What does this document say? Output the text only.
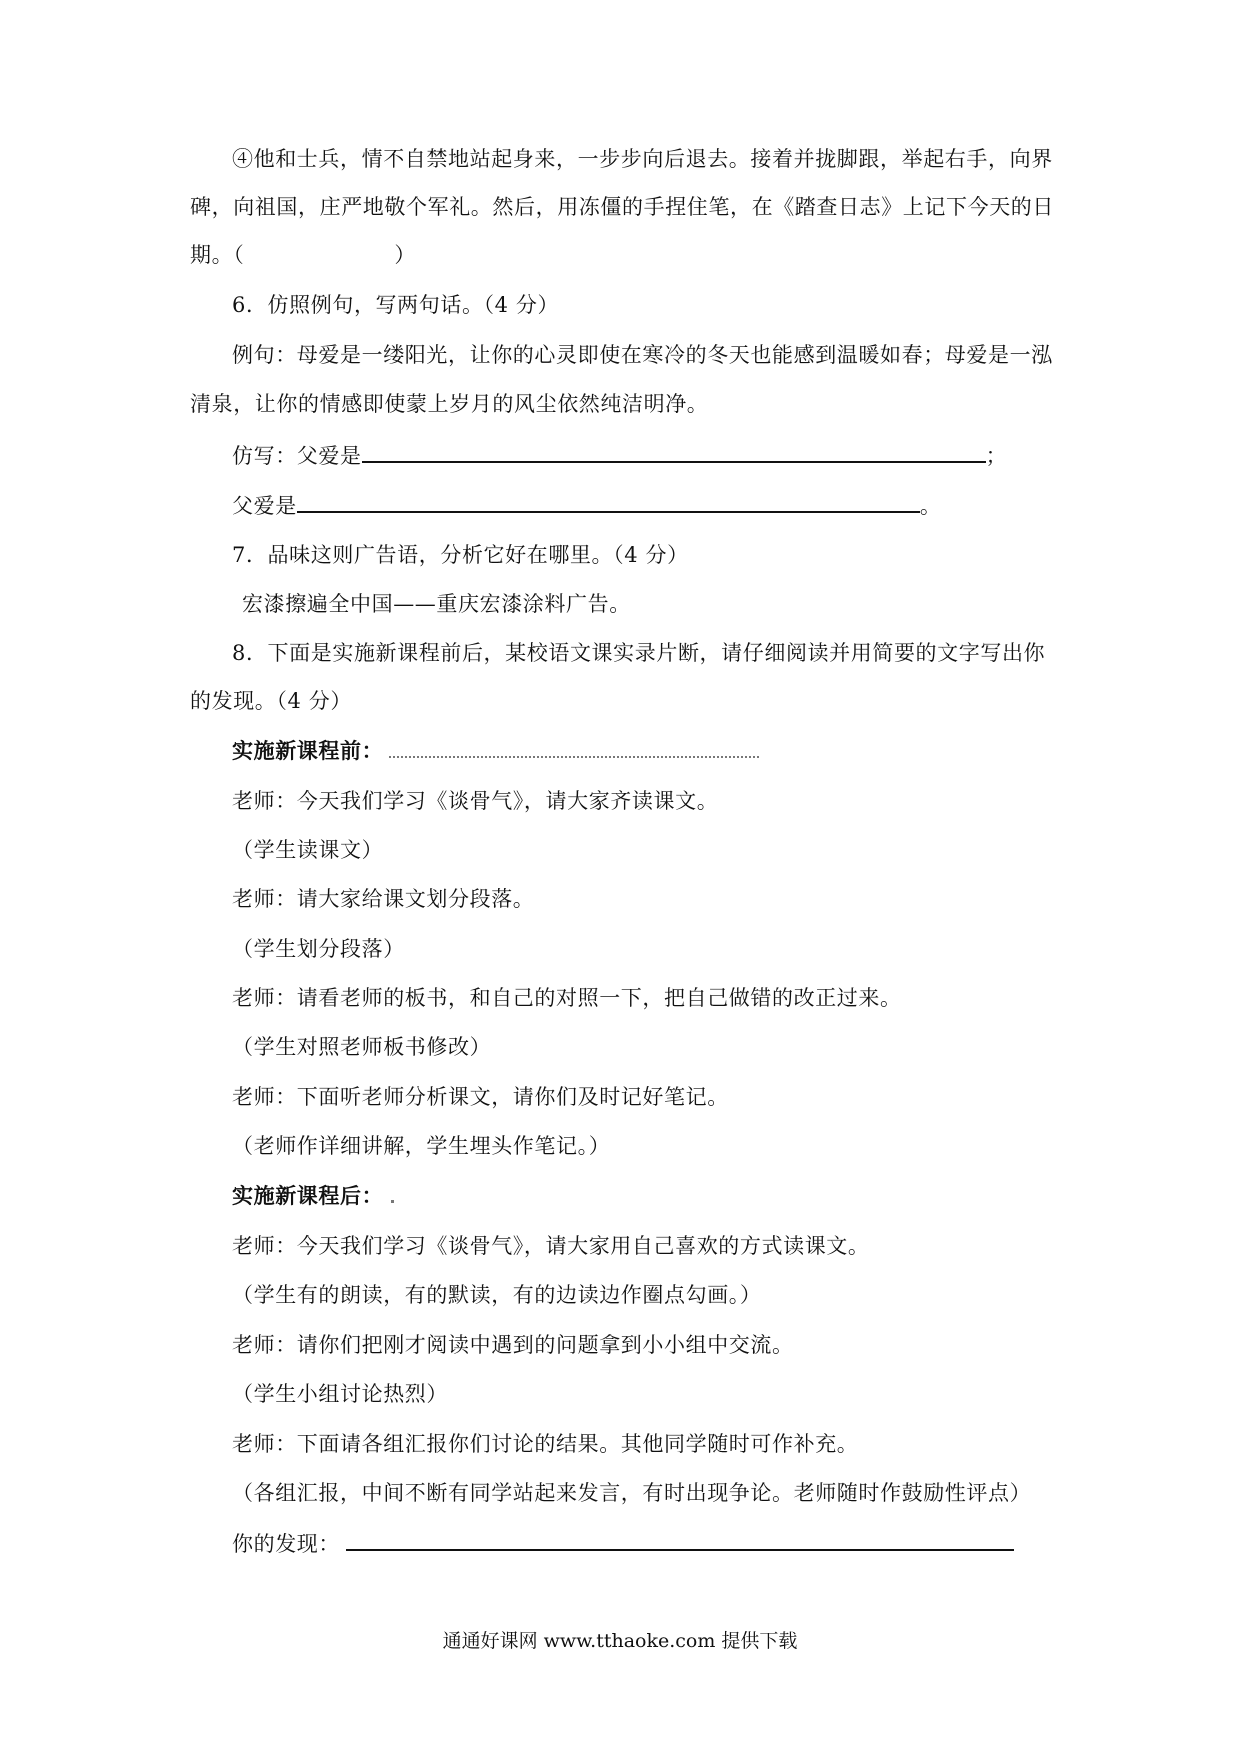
④他和士兵，情不自禁地站起身来，一步步向后退去。接着并拢脚跟，举起右手，向界
碑，向祖国，庄严地敬个军礼。然后，用冻僵的手捏住笔，在《踏查日志》上记下今天的日
期。（	）
6．仿照例句，写两句话。（4 分）
例句：母爱是一缕阳光，让你的心灵即使在寒冷的冬天也能感到温暖如春；母爱是一泓
清泉，让你的情感即使蒙上岁月的风尘依然纯洁明净。
仿写：父爱是	；
父爱是	。
7．品味这则广告语，分析它好在哪里。（4 分）
宏漆擦遍全中国——重庆宏漆涂料广告。
8．下面是实施新课程前后，某校语文课实录片断，请仔细阅读并用简要的文字写出你
的发现。（4 分）
实施新课程前：
老师：今天我们学习《谈骨气》，请大家齐读课文。
（学生读课文）
老师：请大家给课文划分段落。
（学生划分段落）
老师：请看老师的板书，和自己的对照一下，把自己做错的改正过来。
（学生对照老师板书修改）
老师：下面听老师分析课文，请你们及时记好笔记。
（老师作详细讲解，学生埋头作笔记。）
实施新课程后：
老师：今天我们学习《谈骨气》，请大家用自己喜欢的方式读课文。
（学生有的朗读，有的默读，有的边读边作圈点勾画。）
老师：请你们把刚才阅读中遇到的问题拿到小小组中交流。
（学生小组讨论热烈）
老师：下面请各组汇报你们讨论的结果。其他同学随时可作补充。
（各组汇报，中间不断有同学站起来发言，有时出现争论。老师随时作鼓励性评点）
你的发现：
通通好课网 www.tthaoke.com 提供下载
